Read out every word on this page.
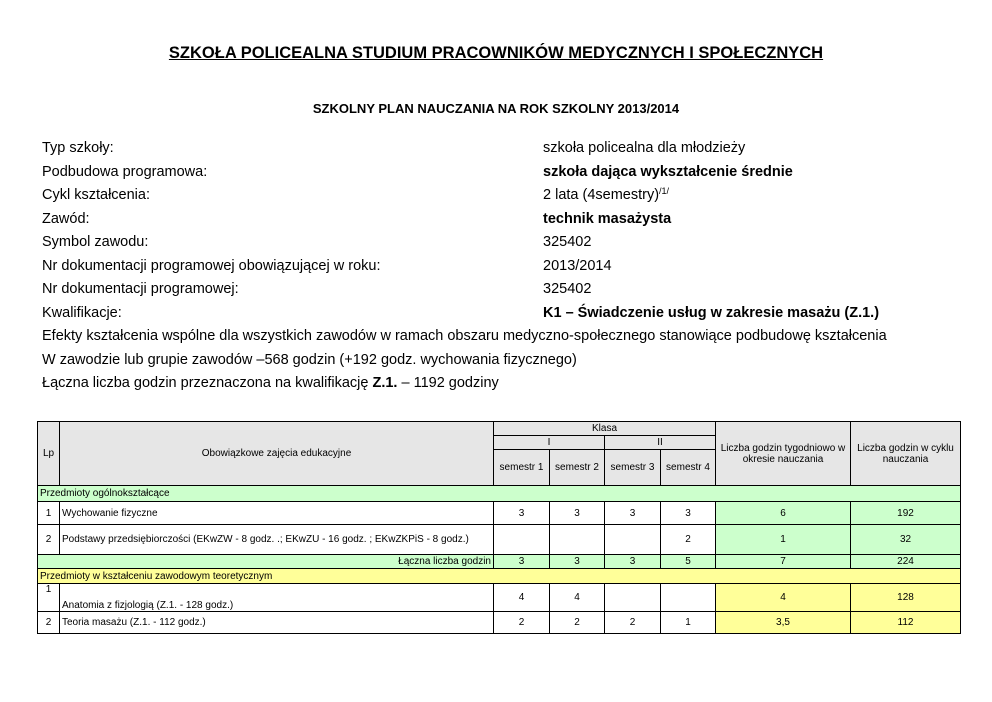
SZKOŁA POLICEALNA STUDIUM PRACOWNIKÓW MEDYCZNYCH I SPOŁECZNYCH
SZKOLNY PLAN NAUCZANIA NA ROK SZKOLNY 2013/2014
Typ szkoły:	szkoła policealna dla młodzieży
Podbudowa programowa:	szkoła dająca wykształcenie średnie
Cykl kształcenia:	2 lata (4semestry)$^{/1/}$
Zawód:	technik masażysta
Symbol zawodu:	325402
Nr dokumentacji programowej obowiązującej w roku:	2013/2014
Nr dokumentacji programowej:	325402
Kwalifikacje:	K1 – Świadczenie usług w zakresie masażu (Z.1.)
Efekty kształcenia wspólne dla wszystkich zawodów w ramach obszaru medyczno-społecznego stanowiące podbudowę kształcenia
W zawodzie lub grupie zawodów –568 godzin (+192 godz. wychowania fizycznego)
Łączna liczba godzin przeznaczona na kwalifikację Z.1. – 1192 godziny
Lp	Obowiązkowe zajęcia edukacyjne	Klasa				Liczba godzin tygodniowo w okresie nauczania	Liczba godzin w cyklu nauczania
		I		II			
		semestr 1	semestr 2	semestr 3	semestr 4		
Przedmioty ogólnokształcące							
1	Wychowanie fizyczne	3	3	3	3	6	192
2	Podstawy przedsiębiorczości (EKwZW - 8 godz. .; EKwZU - 16 godz. ; EKwZKPiS - 8 godz.)				2	1	32
Łączna liczba godzin		3	3	3	5	7	224
Przedmioty w kształceniu zawodowym teoretycznym							
1	Anatomia z fizjologią (Z.1. - 128 godz.)	4	4			4	128
2	Teoria masażu (Z.1. - 112 godz.)	2	2	2	1	3,5	112
